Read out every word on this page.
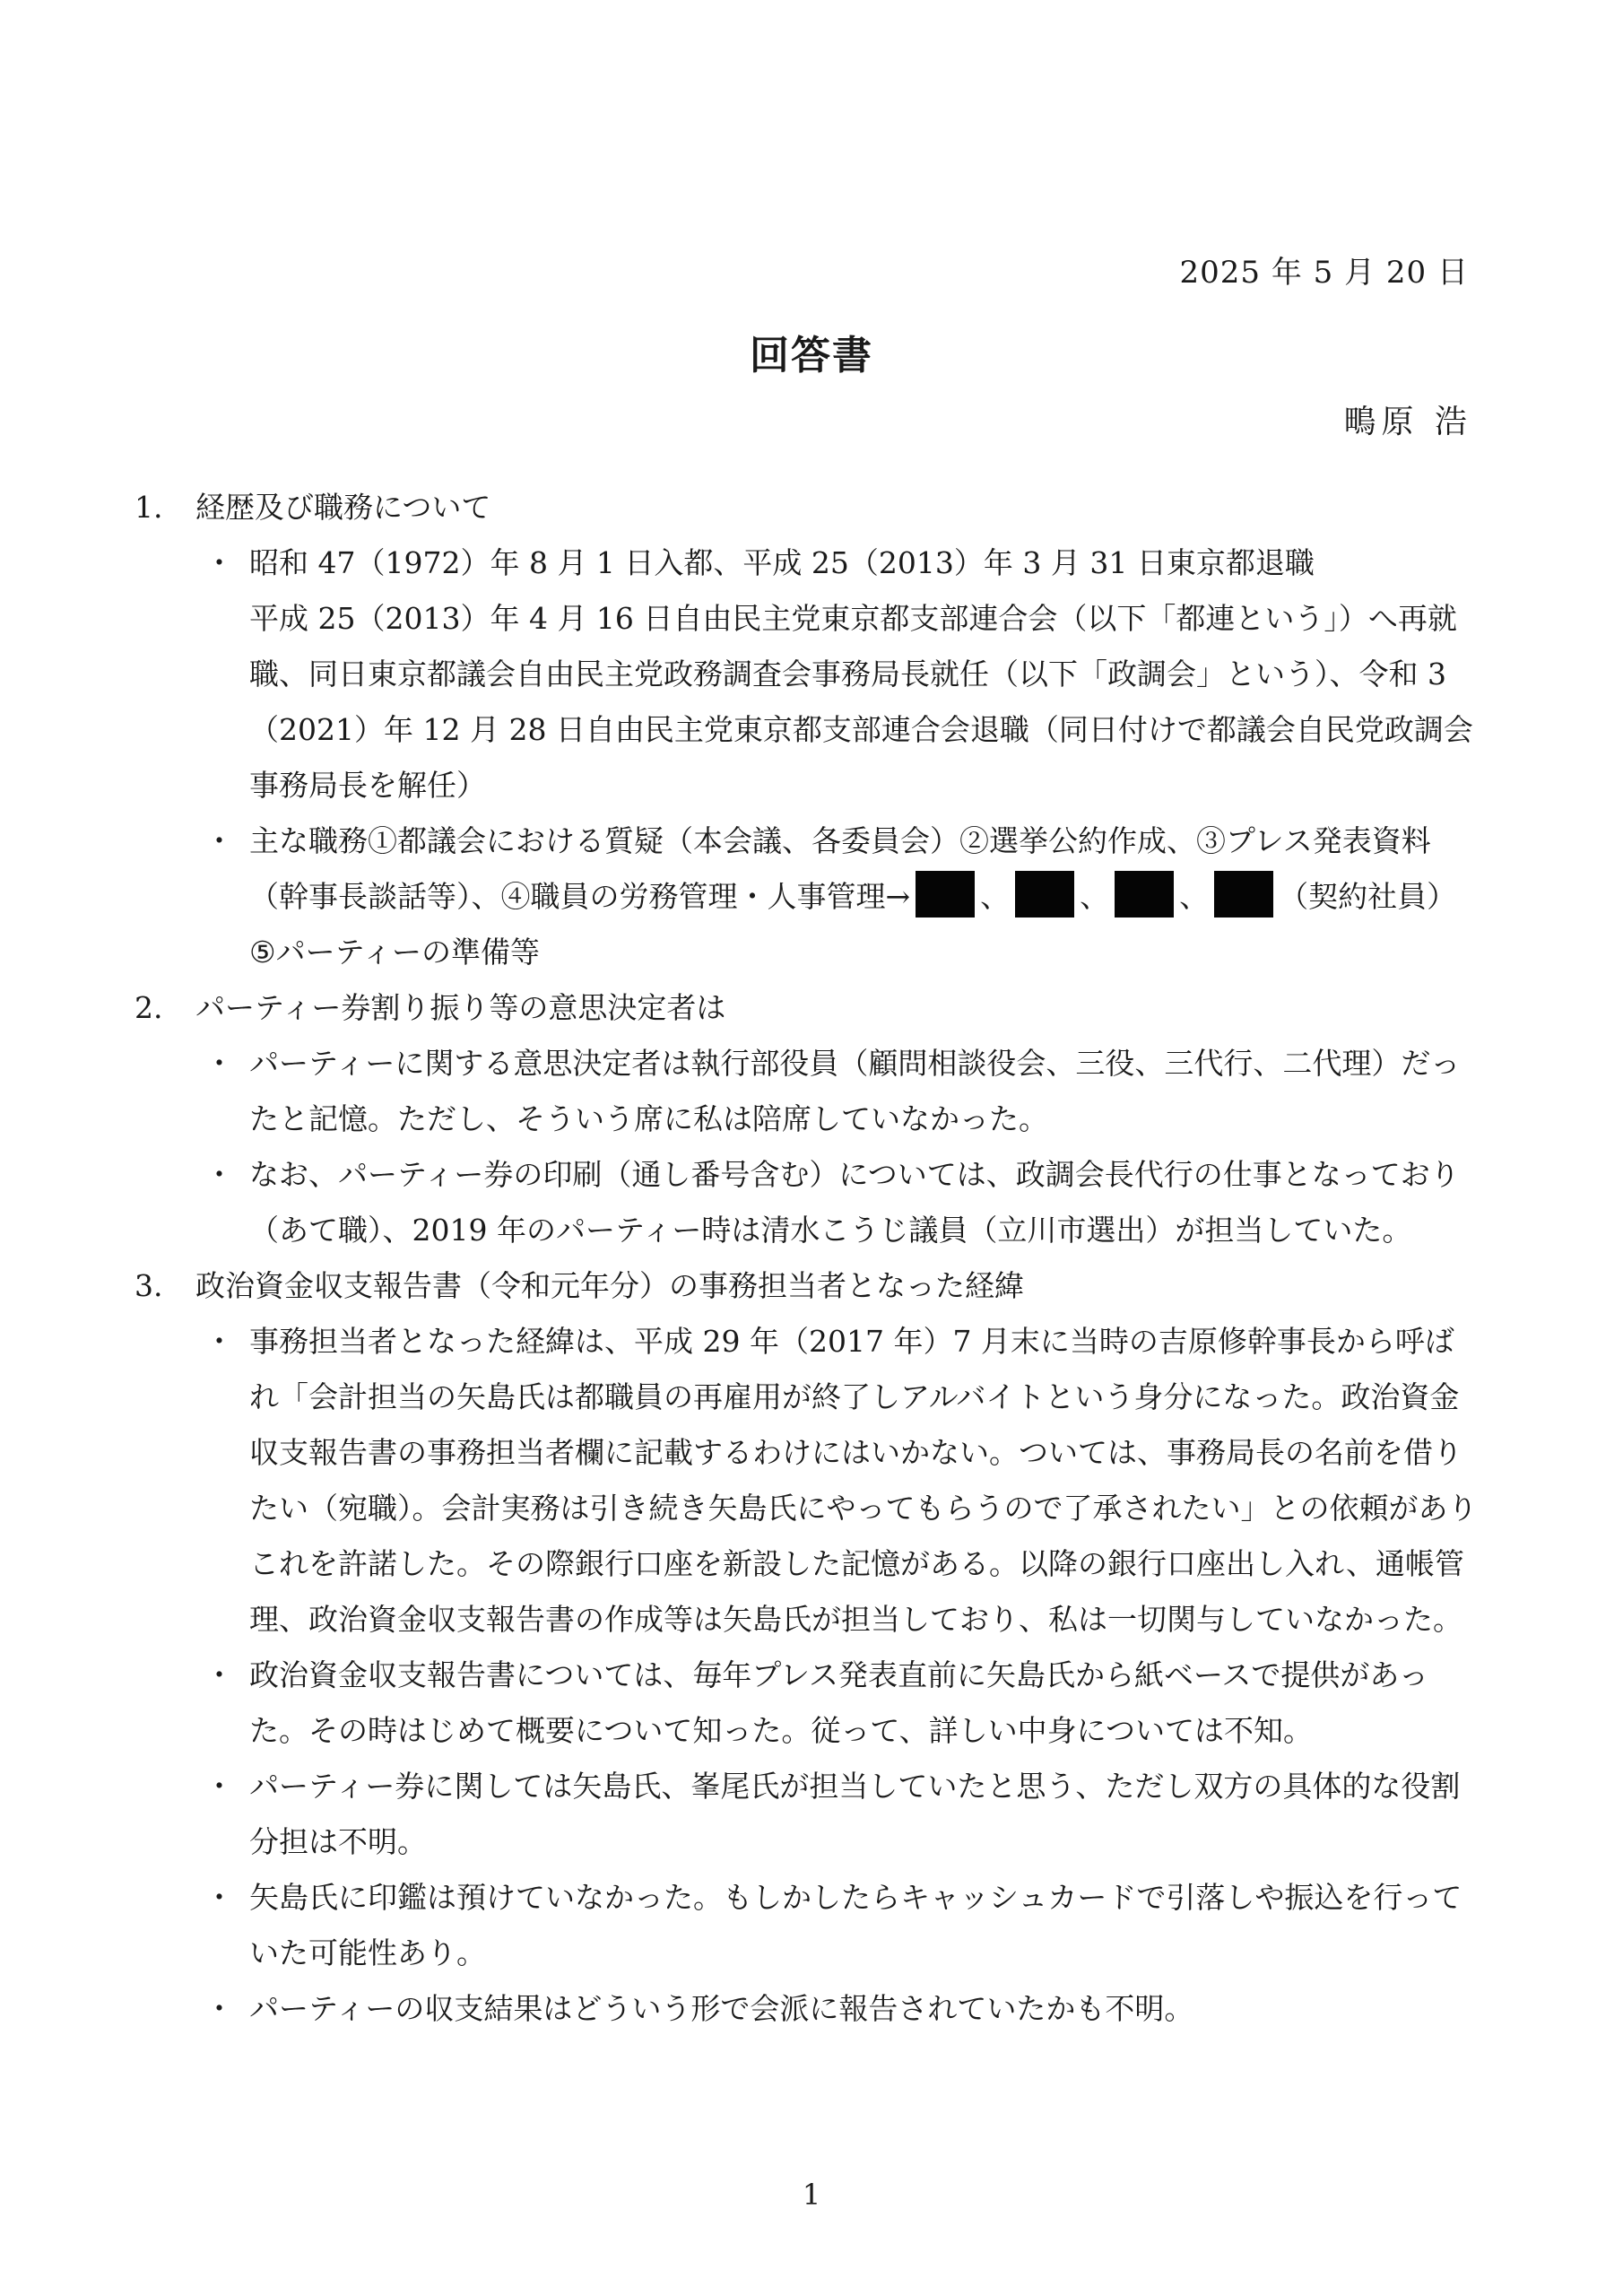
2025 年 5 月 20 日
回答書
鴫原 浩
1.	経歴及び職務について
・ 昭和 47（1972）年 8 月 1 日入都、平成 25（2013）年 3 月 31 日東京都退職
平成 25（2013）年 4 月 16 日自由民主党東京都支部連合会（以下「都連という」）へ再就職、同日東京都議会自由民主党政務調査会事務局長就任（以下「政調会」という）、令和 3（2021）年 12 月 28 日自由民主党東京都支部連合会退職（同日付けで都議会自民党政調会事務局長を解任）
・ 主な職務①都議会における質疑（本会議、各委員会）②選挙公約作成、③プレス発表資料（幹事長談話等）、④職員の労務管理・人事管理→ 、 、 、 （契約社員）
⑤パーティーの準備等
2.	パーティー券割り振り等の意思決定者は
・ パーティーに関する意思決定者は執行部役員（顧問相談役会、三役、三代行、二代理）だったと記憶。ただし、そういう席に私は陪席していなかった。
・ なお、パーティー券の印刷（通し番号含む）については、政調会長代行の仕事となっており（あて職）、2019 年のパーティー時は清水こうじ議員（立川市選出）が担当していた。
3.	政治資金収支報告書（令和元年分）の事務担当者となった経緯
・ 事務担当者となった経緯は、平成 29 年（2017 年）7 月末に当時の吉原修幹事長から呼ばれ「会計担当の矢島氏は都職員の再雇用が終了しアルバイトという身分になった。政治資金収支報告書の事務担当者欄に記載するわけにはいかない。ついては、事務局長の名前を借りたい（宛職）。会計実務は引き続き矢島氏にやってもらうので了承されたい」との依頼がありこれを許諾した。その際銀行口座を新設した記憶がある。以降の銀行口座出し入れ、通帳管理、政治資金収支報告書の作成等は矢島氏が担当しており、私は一切関与していなかった。
・ 政治資金収支報告書については、毎年プレス発表直前に矢島氏から紙ベースで提供があった。その時はじめて概要について知った。従って、詳しい中身については不知。
・ パーティー券に関しては矢島氏、峯尾氏が担当していたと思う、ただし双方の具体的な役割分担は不明。
・ 矢島氏に印鑑は預けていなかった。もしかしたらキャッシュカードで引落しや振込を行っていた可能性あり。
・ パーティーの収支結果はどういう形で会派に報告されていたかも不明。
1
